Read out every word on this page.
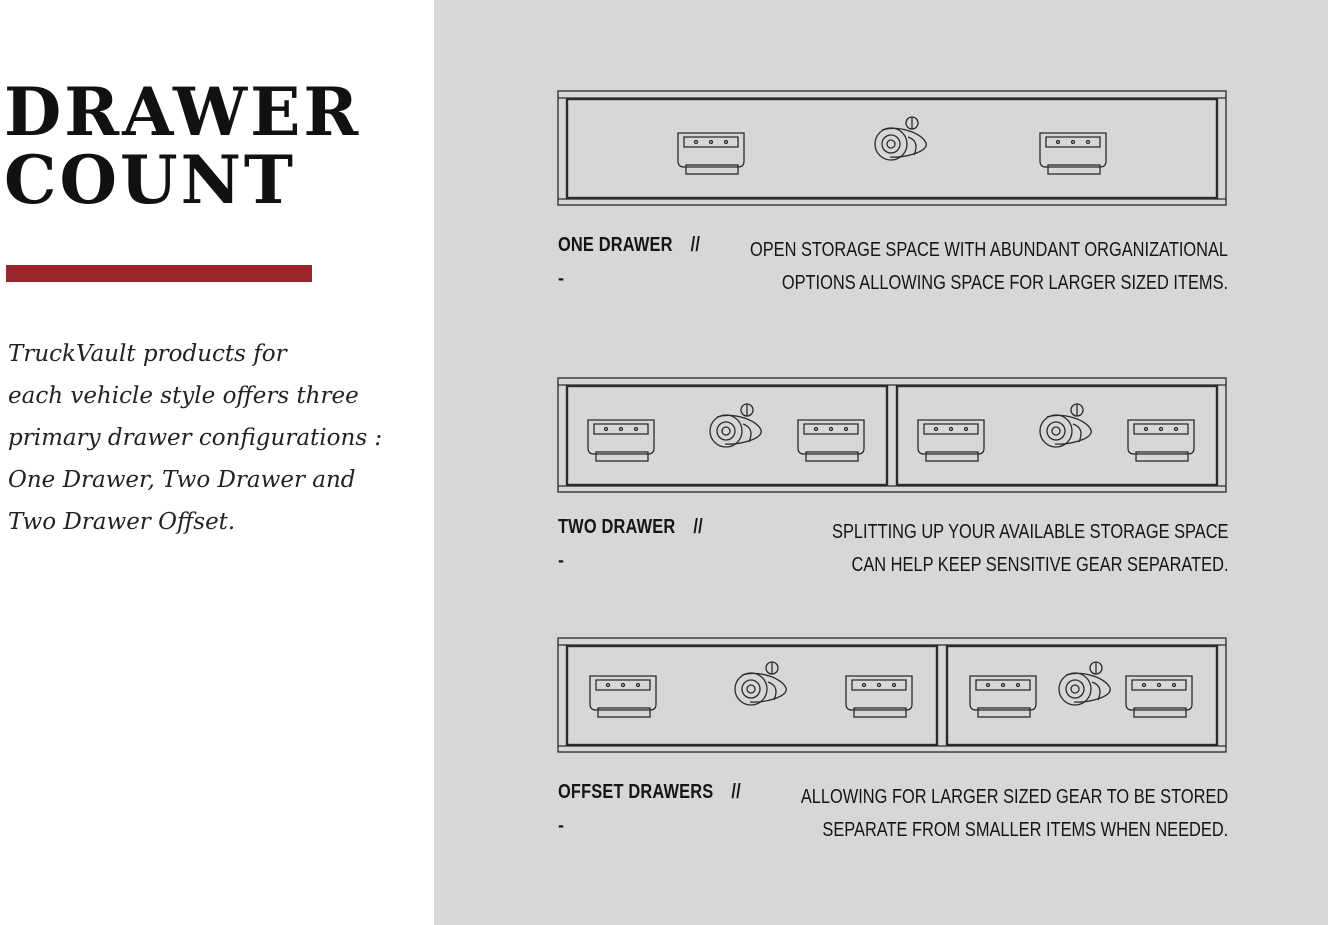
DRAWER
COUNT

TruckVault products for
each vehicle style offers three
primary drawer configurations :
One Drawer, Two Drawer and
Two Drawer Offset.

ONE DRAWER //
-
OPEN STORAGE SPACE WITH ABUNDANT ORGANIZATIONAL
OPTIONS ALLOWING SPACE FOR LARGER SIZED ITEMS.
TWO DRAWER //
-
SPLITTING UP YOUR AVAILABLE STORAGE SPACE
CAN HELP KEEP SENSITIVE GEAR SEPARATED.
OFFSET DRAWERS //
-
ALLOWING FOR LARGER SIZED GEAR TO BE STORED
SEPARATE FROM SMALLER ITEMS WHEN NEEDED.
